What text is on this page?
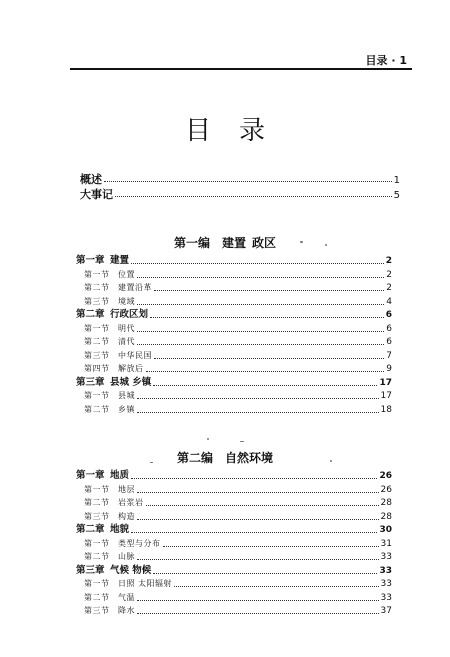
目录 · 1
目录
概述	1
大事记	5
第一编 建置 政区
第一章 建置	2
第一节 位置	2
第二节 建置沿革	2
第三节 境域	4
第二章 行政区划	6
第一节 明代	6
第二节 清代	6
第三节 中华民国	7
第四节 解放后	9
第三章 县城 乡镇	17
第一节 县城	17
第二节 乡镇	18
第二编 自然环境
第一章 地质	26
第一节 地层	26
第二节 岩浆岩	28
第三节 构造	28
第二章 地貌	30
第一节 类型与分布	31
第二节 山脉	33
第三章 气候 物候	33
第一节 日照 太阳辐射	33
第二节 气温	33
第三节 降水	37
